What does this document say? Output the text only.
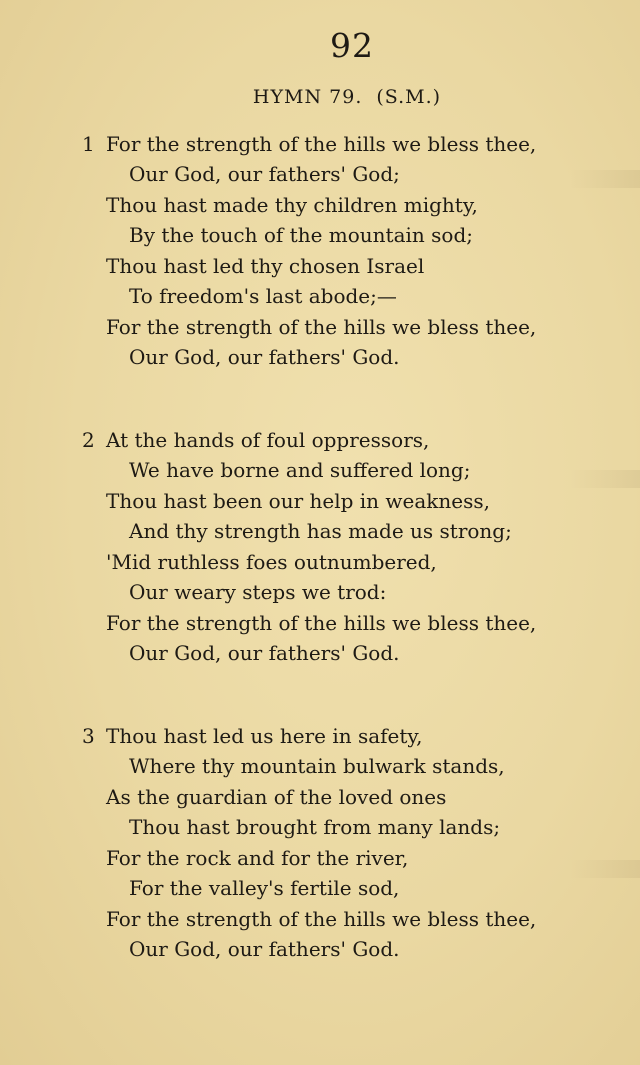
92
HYMN 79. (S.M.)
1 For the strength of the hills we bless thee,
Our God, our fathers' God;
Thou hast made thy children mighty,
By the touch of the mountain sod;
Thou hast led thy chosen Israel
To freedom's last abode;—
For the strength of the hills we bless thee,
Our God, our fathers' God.
2 At the hands of foul oppressors,
We have borne and suffered long;
Thou hast been our help in weakness,
And thy strength has made us strong;
'Mid ruthless foes outnumbered,
Our weary steps we trod:
For the strength of the hills we bless thee,
Our God, our fathers' God.
3 Thou hast led us here in safety,
Where thy mountain bulwark stands,
As the guardian of the loved ones
Thou hast brought from many lands;
For the rock and for the river,
For the valley's fertile sod,
For the strength of the hills we bless thee,
Our God, our fathers' God.
